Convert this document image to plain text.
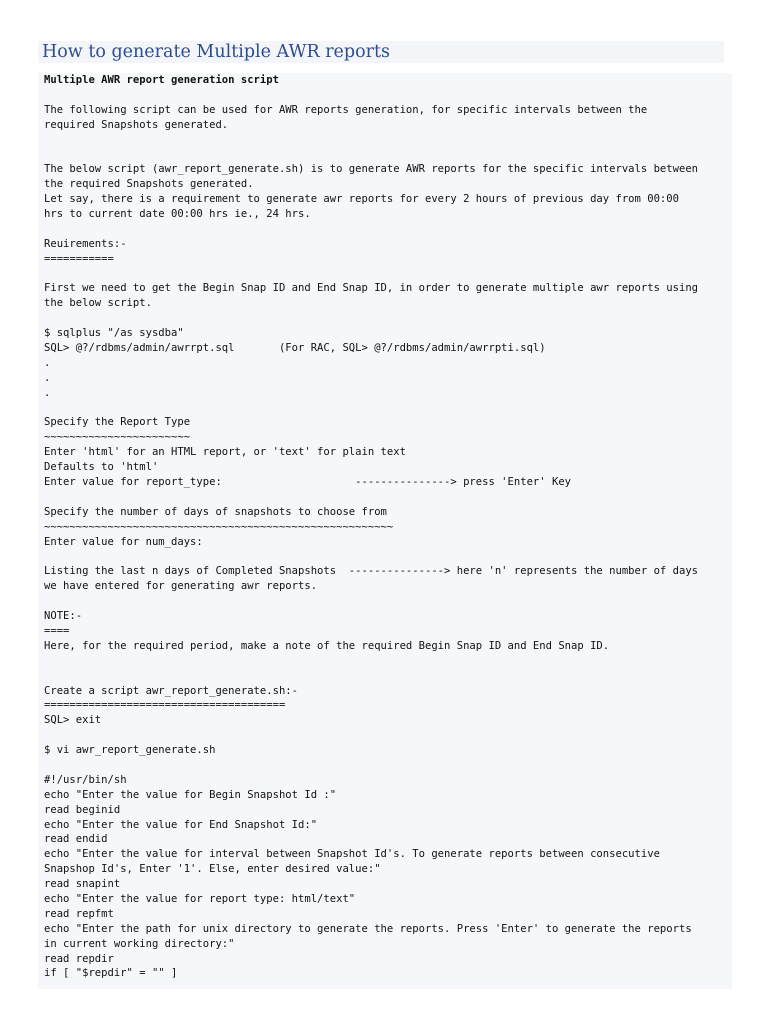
How to generate Multiple AWR reports
Multiple AWR report generation script
The following script can be used for AWR reports generation, for specific intervals between the
required Snapshots generated.
The below script (awr_report_generate.sh) is to generate AWR reports for the specific intervals between
the required Snapshots generated.
Let say, there is a requirement to generate awr reports for every 2 hours of previous day from 00:00
hrs to current date 00:00 hrs ie., 24 hrs.
Reuirements:-
===========
First we need to get the Begin Snap ID and End Snap ID, in order to generate multiple awr reports using
the below script.
$ sqlplus "/as sysdba"
SQL> @?/rdbms/admin/awrrpt.sql       (For RAC, SQL> @?/rdbms/admin/awrrpti.sql)
.
.
.
Specify the Report Type
~~~~~~~~~~~~~~~~~~~~~~~
Enter 'html' for an HTML report, or 'text' for plain text
Defaults to 'html'
Enter value for report_type:                     ---------------> press 'Enter' Key
Specify the number of days of snapshots to choose from
~~~~~~~~~~~~~~~~~~~~~~~~~~~~~~~~~~~~~~~~~~~~~~~~~~~~~~~
Enter value for num_days:
Listing the last n days of Completed Snapshots  ---------------> here 'n' represents the number of days
we have entered for generating awr reports.
NOTE:-
====
Here, for the required period, make a note of the required Begin Snap ID and End Snap ID.
Create a script awr_report_generate.sh:-
======================================
SQL> exit
$ vi awr_report_generate.sh
#!/usr/bin/sh
echo "Enter the value for Begin Snapshot Id :"
read beginid
echo "Enter the value for End Snapshot Id:"
read endid
echo "Enter the value for interval between Snapshot Id's. To generate reports between consecutive
Snapshop Id's, Enter '1'. Else, enter desired value:"
read snapint
echo "Enter the value for report type: html/text"
read repfmt
echo "Enter the path for unix directory to generate the reports. Press 'Enter' to generate the reports
in current working directory:"
read repdir
if [ "$repdir" = "" ]
